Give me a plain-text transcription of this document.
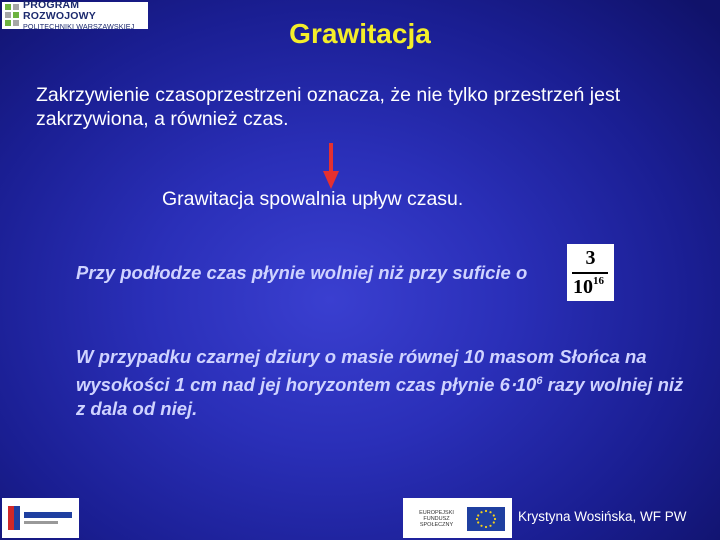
PROGRAM ROZWOJOWY
POLITECHNIKI WARSZAWSKIEJ	Grawitacja

Zakrzywienie czasoprzestrzeni oznacza, że nie tylko przestrzeń jest zakrzywiona, a również czas.

Grawitacja spowalnia upływ czasu.

Przy podłodze czas płynie wolniej niż przy suficie o

3
$10^{16}$

W przypadku czarnej dziury o masie równej 10 masom Słońca na wysokości 1 cm nad jej horyzontem czas płynie $6\cdot 10^6$ razy wolniej niż z dala od niej.

EUROPEJSKI FUNDUSZ SPOŁECZNY

Krystyna Wosińska, WF PW
